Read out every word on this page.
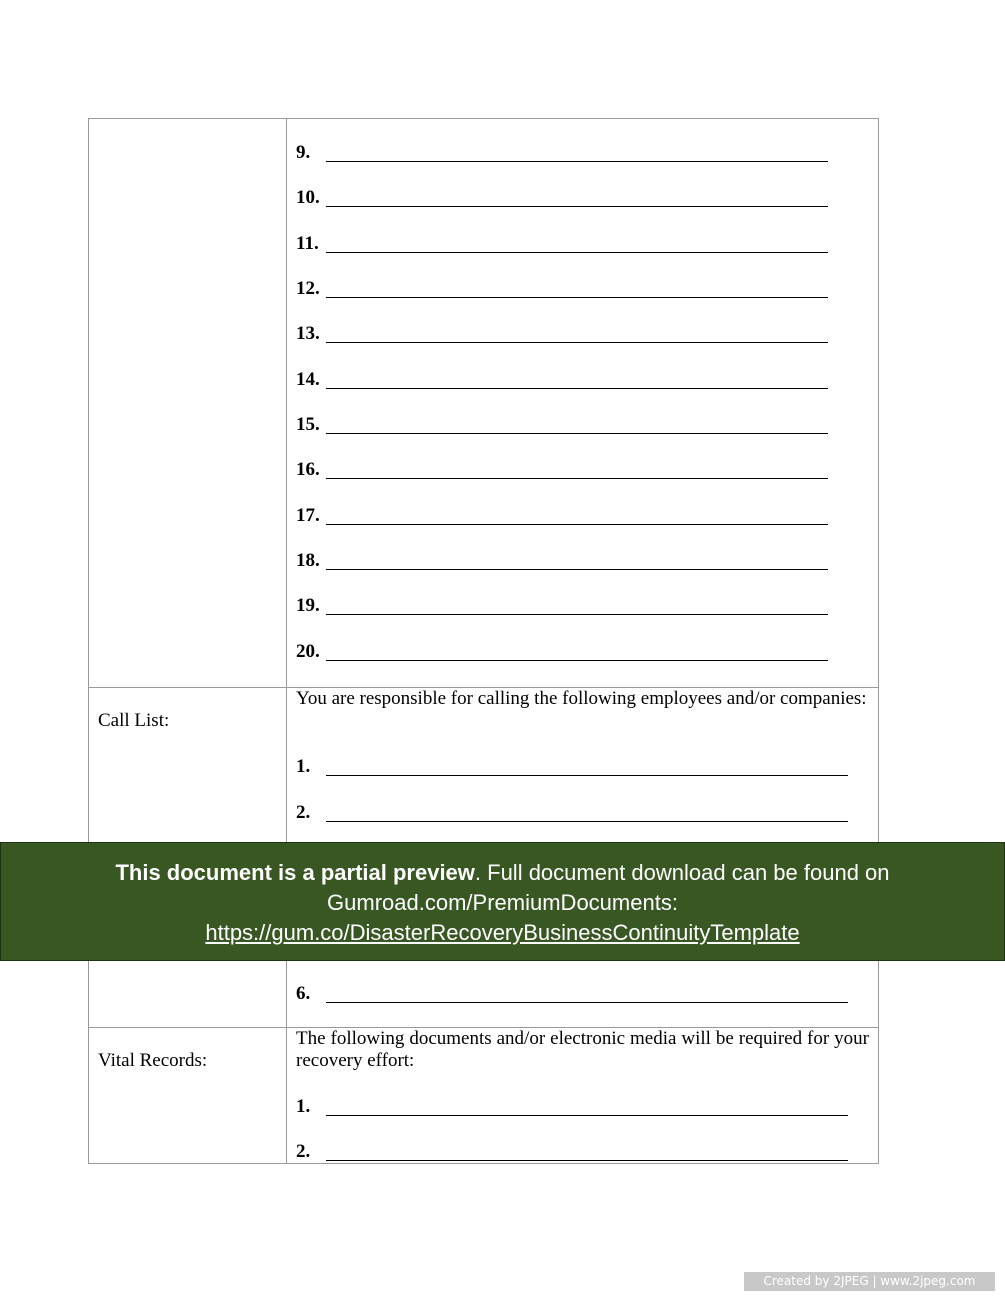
9.
10.
11.
12.
13.
14.
15.
16.
17.
18.
19.
20.
Call List:
You are responsible for calling the following employees and/or companies:
1.
2.
6.
Vital Records:
The following documents and/or electronic media will be required for your recovery effort:
1.
2.
This document is a partial preview. Full document download can be found on Gumroad.com/PremiumDocuments:
https://gum.co/DisasterRecoveryBusinessContinuityTemplate
Created by 2JPEG | www.2jpeg.com
